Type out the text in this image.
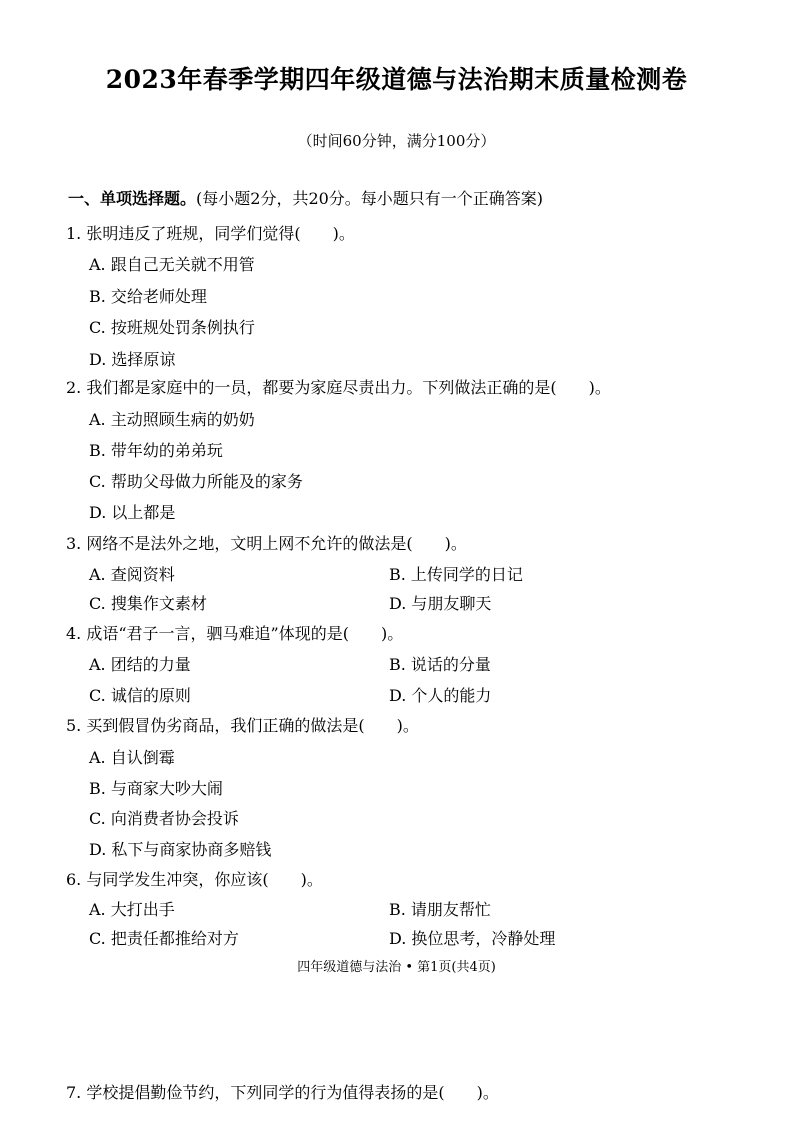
2023年春季学期四年级道德与法治期末质量检测卷
（时间60分钟，满分100分）
一、单项选择题。(每小题2分，共20分。每小题只有一个正确答案)
1. 张明违反了班规，同学们觉得(　　)。
A. 跟自己无关就不用管
B. 交给老师处理
C. 按班规处罚条例执行
D. 选择原谅
2. 我们都是家庭中的一员，都要为家庭尽责出力。下列做法正确的是(　　)。
A. 主动照顾生病的奶奶
B. 带年幼的弟弟玩
C. 帮助父母做力所能及的家务
D. 以上都是
3. 网络不是法外之地，文明上网不允许的做法是(　　)。
A. 查阅资料	B. 上传同学的日记
C. 搜集作文素材	D. 与朋友聊天
4. 成语“君子一言，驷马难追”体现的是(　　)。
A. 团结的力量	B. 说话的分量
C. 诚信的原则	D. 个人的能力
5. 买到假冒伪劣商品，我们正确的做法是(　　)。
A. 自认倒霉
B. 与商家大吵大闹
C. 向消费者协会投诉
D. 私下与商家协商多赔钱
6. 与同学发生冲突，你应该(　　)。
A. 大打出手	B. 请朋友帮忙
C. 把责任都推给对方	D. 换位思考，冷静处理
四年级道德与法治 • 第1页(共4页)
7. 学校提倡勤俭节约，下列同学的行为值得表扬的是(　　)。
